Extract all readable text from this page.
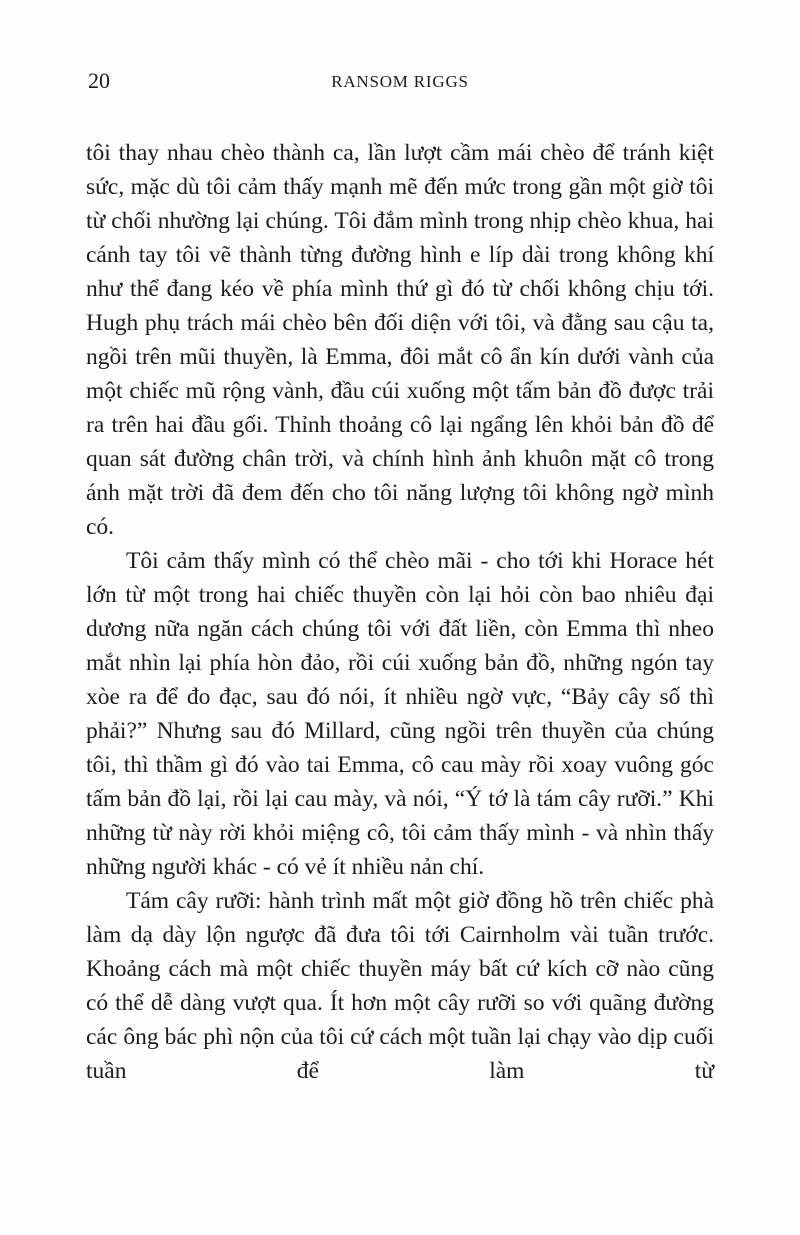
20	RANSOM RIGGS

tôi thay nhau chèo thành ca, lần lượt cầm mái chèo để tránh kiệt sức, mặc dù tôi cảm thấy mạnh mẽ đến mức trong gần một giờ tôi từ chối nhường lại chúng. Tôi đắm mình trong nhịp chèo khua, hai cánh tay tôi vẽ thành từng đường hình e líp dài trong không khí như thể đang kéo về phía mình thứ gì đó từ chối không chịu tới. Hugh phụ trách mái chèo bên đối diện với tôi, và đằng sau cậu ta, ngồi trên mũi thuyền, là Emma, đôi mắt cô ẩn kín dưới vành của một chiếc mũ rộng vành, đầu cúi xuống một tấm bản đồ được trải ra trên hai đầu gối. Thỉnh thoảng cô lại ngẩng lên khỏi bản đồ để quan sát đường chân trời, và chính hình ảnh khuôn mặt cô trong ánh mặt trời đã đem đến cho tôi năng lượng tôi không ngờ mình có.

Tôi cảm thấy mình có thể chèo mãi - cho tới khi Horace hét lớn từ một trong hai chiếc thuyền còn lại hỏi còn bao nhiêu đại dương nữa ngăn cách chúng tôi với đất liền, còn Emma thì nheo mắt nhìn lại phía hòn đảo, rồi cúi xuống bản đồ, những ngón tay xòe ra để đo đạc, sau đó nói, ít nhiều ngờ vực, “Bảy cây số thì phải?” Nhưng sau đó Millard, cũng ngồi trên thuyền của chúng tôi, thì thầm gì đó vào tai Emma, cô cau mày rồi xoay vuông góc tấm bản đồ lại, rồi lại cau mày, và nói, “Ý tớ là tám cây rưỡi.” Khi những từ này rời khỏi miệng cô, tôi cảm thấy mình - và nhìn thấy những người khác - có vẻ ít nhiều nản chí.

Tám cây rưỡi: hành trình mất một giờ đồng hồ trên chiếc phà làm dạ dày lộn ngược đã đưa tôi tới Cairnholm vài tuần trước. Khoảng cách mà một chiếc thuyền máy bất cứ kích cỡ nào cũng có thể dễ dàng vượt qua. Ít hơn một cây rưỡi so với quãng đường các ông bác phì nộn của tôi cứ cách một tuần lại chạy vào dịp cuối tuần để làm từ
